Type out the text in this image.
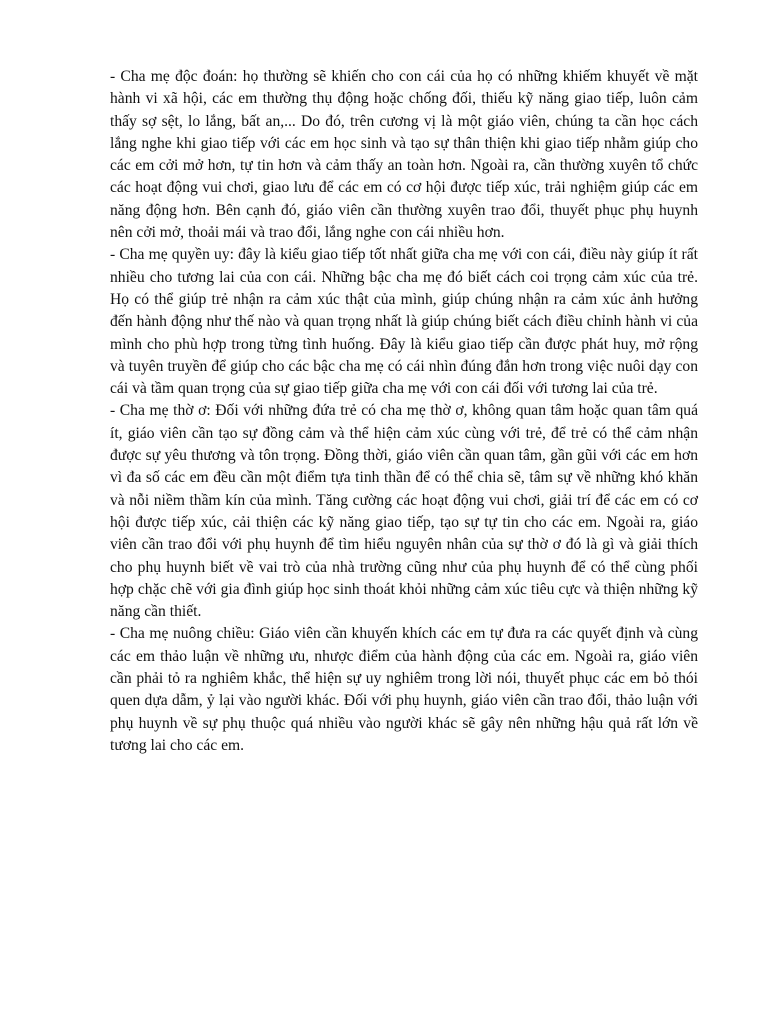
- Cha mẹ độc đoán: họ thường sẽ khiến cho con cái của họ có những khiếm khuyết về mặt hành vi xã hội, các em thường thụ động hoặc chống đối, thiếu kỹ năng giao tiếp, luôn cảm thấy sợ sệt, lo lắng, bất an,... Do đó, trên cương vị là một giáo viên, chúng ta cần học cách lắng nghe khi giao tiếp với các em học sinh và tạo sự thân thiện khi giao tiếp nhằm giúp cho các em cởi mở hơn, tự tin hơn và cảm thấy an toàn hơn. Ngoài ra, cần thường xuyên tổ chức các hoạt động vui chơi, giao lưu để các em có cơ hội được tiếp xúc, trải nghiệm giúp các em năng động hơn. Bên cạnh đó, giáo viên cần thường xuyên trao đổi, thuyết phục phụ huynh nên cởi mở, thoải mái và trao đổi, lắng nghe con cái nhiều hơn.

- Cha mẹ quyền uy: đây là kiểu giao tiếp tốt nhất giữa cha mẹ với con cái, điều này giúp ít rất nhiều cho tương lai của con cái. Những bậc cha mẹ đó biết cách coi trọng cảm xúc của trẻ. Họ có thể giúp trẻ nhận ra cảm xúc thật của mình, giúp chúng nhận ra cảm xúc ảnh hưởng đến hành động như thế nào và quan trọng nhất là giúp chúng biết cách điều chỉnh hành vi của mình cho phù hợp trong từng tình huống. Đây là kiểu giao tiếp cần được phát huy, mở rộng và tuyên truyền để giúp cho các bậc cha mẹ có cái nhìn đúng đắn hơn trong việc nuôi dạy con cái và tầm quan trọng của sự giao tiếp giữa cha mẹ với con cái đối với tương lai của trẻ.

- Cha mẹ thờ ơ: Đối với những đứa trẻ có cha mẹ thờ ơ, không quan tâm hoặc quan tâm quá ít, giáo viên cần tạo sự đồng cảm và thể hiện cảm xúc cùng với trẻ, để trẻ có thể cảm nhận được sự yêu thương và tôn trọng. Đồng thời, giáo viên cần quan tâm, gần gũi với các em hơn vì đa số các em đều cần một điểm tựa tinh thần để có thể chia sẽ, tâm sự về những khó khăn và nỗi niềm thầm kín của mình. Tăng cường các hoạt động vui chơi, giải trí để các em có cơ hội được tiếp xúc, cải thiện các kỹ năng giao tiếp, tạo sự tự tin cho các em. Ngoài ra, giáo viên cần trao đổi với phụ huynh để tìm hiểu nguyên nhân của sự thờ ơ đó là gì và giải thích cho phụ huynh biết về vai trò của nhà trường cũng như của phụ huynh để có thể cùng phối hợp chặc chẽ với gia đình giúp học sinh thoát khỏi những cảm xúc tiêu cực và thiện những kỹ năng cần thiết.

- Cha mẹ nuông chiều: Giáo viên cần khuyến khích các em tự đưa ra các quyết định và cùng các em thảo luận về những ưu, nhược điểm của hành động của các em. Ngoài ra, giáo viên cần phải tỏ ra nghiêm khắc, thể hiện sự uy nghiêm trong lời nói, thuyết phục các em bỏ thói quen dựa dẫm, ỷ lại vào người khác. Đối với phụ huynh, giáo viên cần trao đổi, thảo luận với phụ huynh về sự phụ thuộc quá nhiều vào người khác sẽ gây nên những hậu quả rất lớn về tương lai cho các em.
